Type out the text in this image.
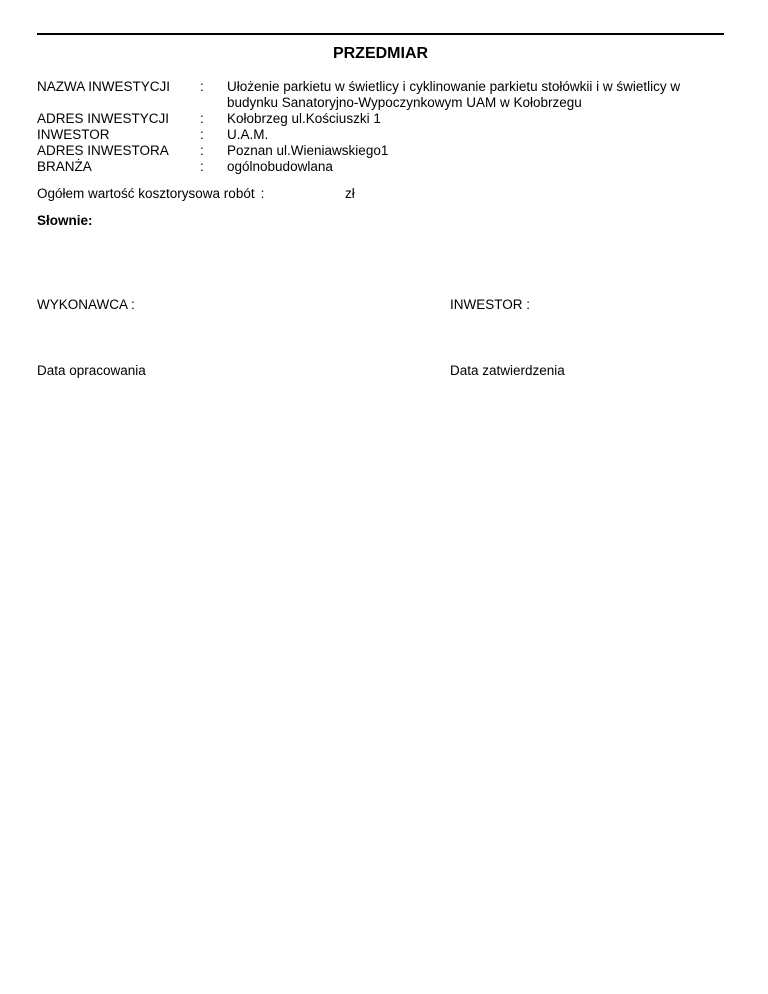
PRZEDMIAR
NAZWA INWESTYCJI	:	Ułożenie parkietu w świetlicy i cyklinowanie parkietu stołówkii i w świetlicy w budynku Sanatoryjno-Wypoczynkowym UAM w Kołobrzegu
ADRES INWESTYCJI	:	Kołobrzeg ul.Kościuszki 1
INWESTOR	:	U.A.M.
ADRES INWESTORA	:	Poznan ul.Wieniawskiego1
BRANŻA	:	ogólnobudowlana
Ogółem wartość kosztorysowa robót :	zł
Słownie:
WYKONAWCA :	INWESTOR :
Data opracowania	Data zatwierdzenia
